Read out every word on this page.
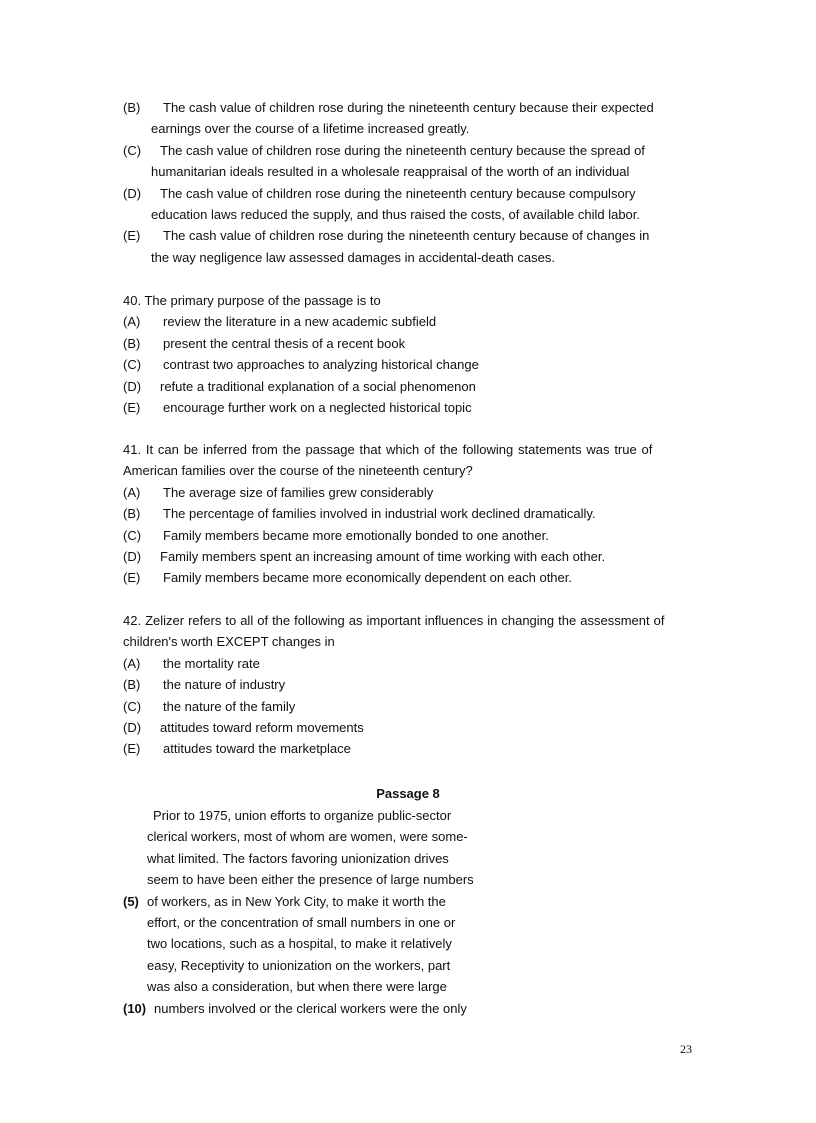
(B) The cash value of children rose during the nineteenth century because their expected
earnings over the course of a lifetime increased greatly.
(C) The cash value of children rose during the nineteenth century because the spread of
humanitarian ideals resulted in a wholesale reappraisal of the worth of an individual
(D) The cash value of children rose during the nineteenth century because compulsory
education laws reduced the supply, and thus raised the costs, of available child labor.
(E) The cash value of children rose during the nineteenth century because of changes in
the way negligence law assessed damages in accidental-death cases.
40. The primary purpose of the passage is to
(A)	review the literature in a new academic subfield
(B)	present the central thesis of a recent book
(C)	contrast two approaches to analyzing historical change
(D)	refute a traditional explanation of a social phenomenon
(E)	encourage further work on a neglected historical topic
41. It can be inferred from the passage that which of the following statements was true of
American families over the course of the nineteenth century?
(A)	The average size of families grew considerably
(B)	The percentage of families involved in industrial work declined dramatically.
(C)	Family members became more emotionally bonded to one another.
(D)	Family members spent an increasing amount of time working with each other.
(E)	Family members became more economically dependent on each other.
42. Zelizer refers to all of the following as important influences in changing the assessment of
children's worth EXCEPT changes in
(A)	the mortality rate
(B)	the nature of industry
(C)	the nature of the family
(D)	attitudes toward reform movements
(E)	attitudes toward the marketplace
Passage 8
Prior to 1975, union efforts to organize public-sector
clerical workers, most of whom are women, were some-
what limited. The factors favoring unionization drives
seem to have been either the presence of large numbers
(5) of workers, as in New York City, to make it worth the
effort, or the concentration of small numbers in one or
two locations, such as a hospital, to make it relatively
easy, Receptivity to unionization on the workers, part
was also a consideration, but when there were large
(10) numbers involved or the clerical workers were the only
23
